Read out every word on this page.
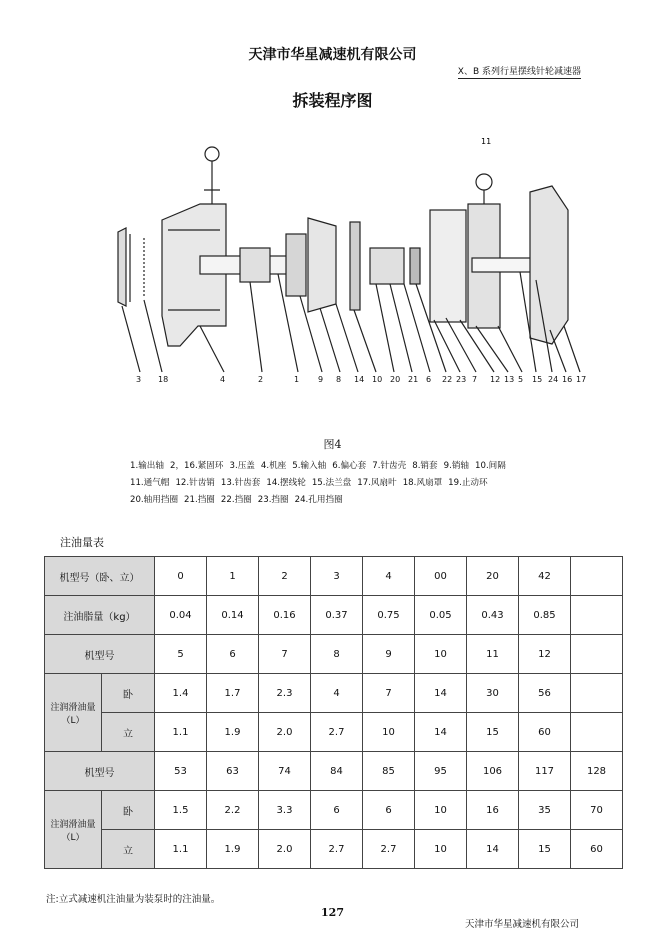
天津市华星减速机有限公司
X、B 系列行星摆线针轮减速器
拆装程序图
11
3 18	4	2	1 9 8 14 10 20 21 6 22 23 7 12 13 5 15 24 16 17
图4
1.输出轴 2，16.紧固环 3.压盖 4.机座 5.输入轴 6.偏心套 7.针齿壳 8.销套 9.销轴 10.间隔
11.通气帽 12.针齿销 13.针齿套 14.摆线轮 15.法兰盘 17.风扇叶 18.风扇罩 19.止动环
20.轴用挡圈 21.挡圈 22.挡圈 23.挡圈 24.孔用挡圈
注油量表
机型号（卧、立）		0	1	2	3	4	00	20	42	
注油脂量（kg）		0.04	0.14	0.16	0.37	0.75	0.05	0.43	0.85	
机型号		5	6	7	8	9	10	11	12	
注润滑油量
（L）	卧	1.4	1.7	2.3	4	7	14	30	56	
	立	1.1	1.9	2.0	2.7	10	14	15	60	
机型号		53	63	74	84	85	95	106	117	128
注润滑油量
（L）	卧	1.5	2.2	3.3	6	6	10	16	35	70
	立	1.1	1.9	2.0	2.7	2.7	10	14	15	60
注:立式减速机注油量为装泵时的注油量。
127
天津市华星减速机有限公司
